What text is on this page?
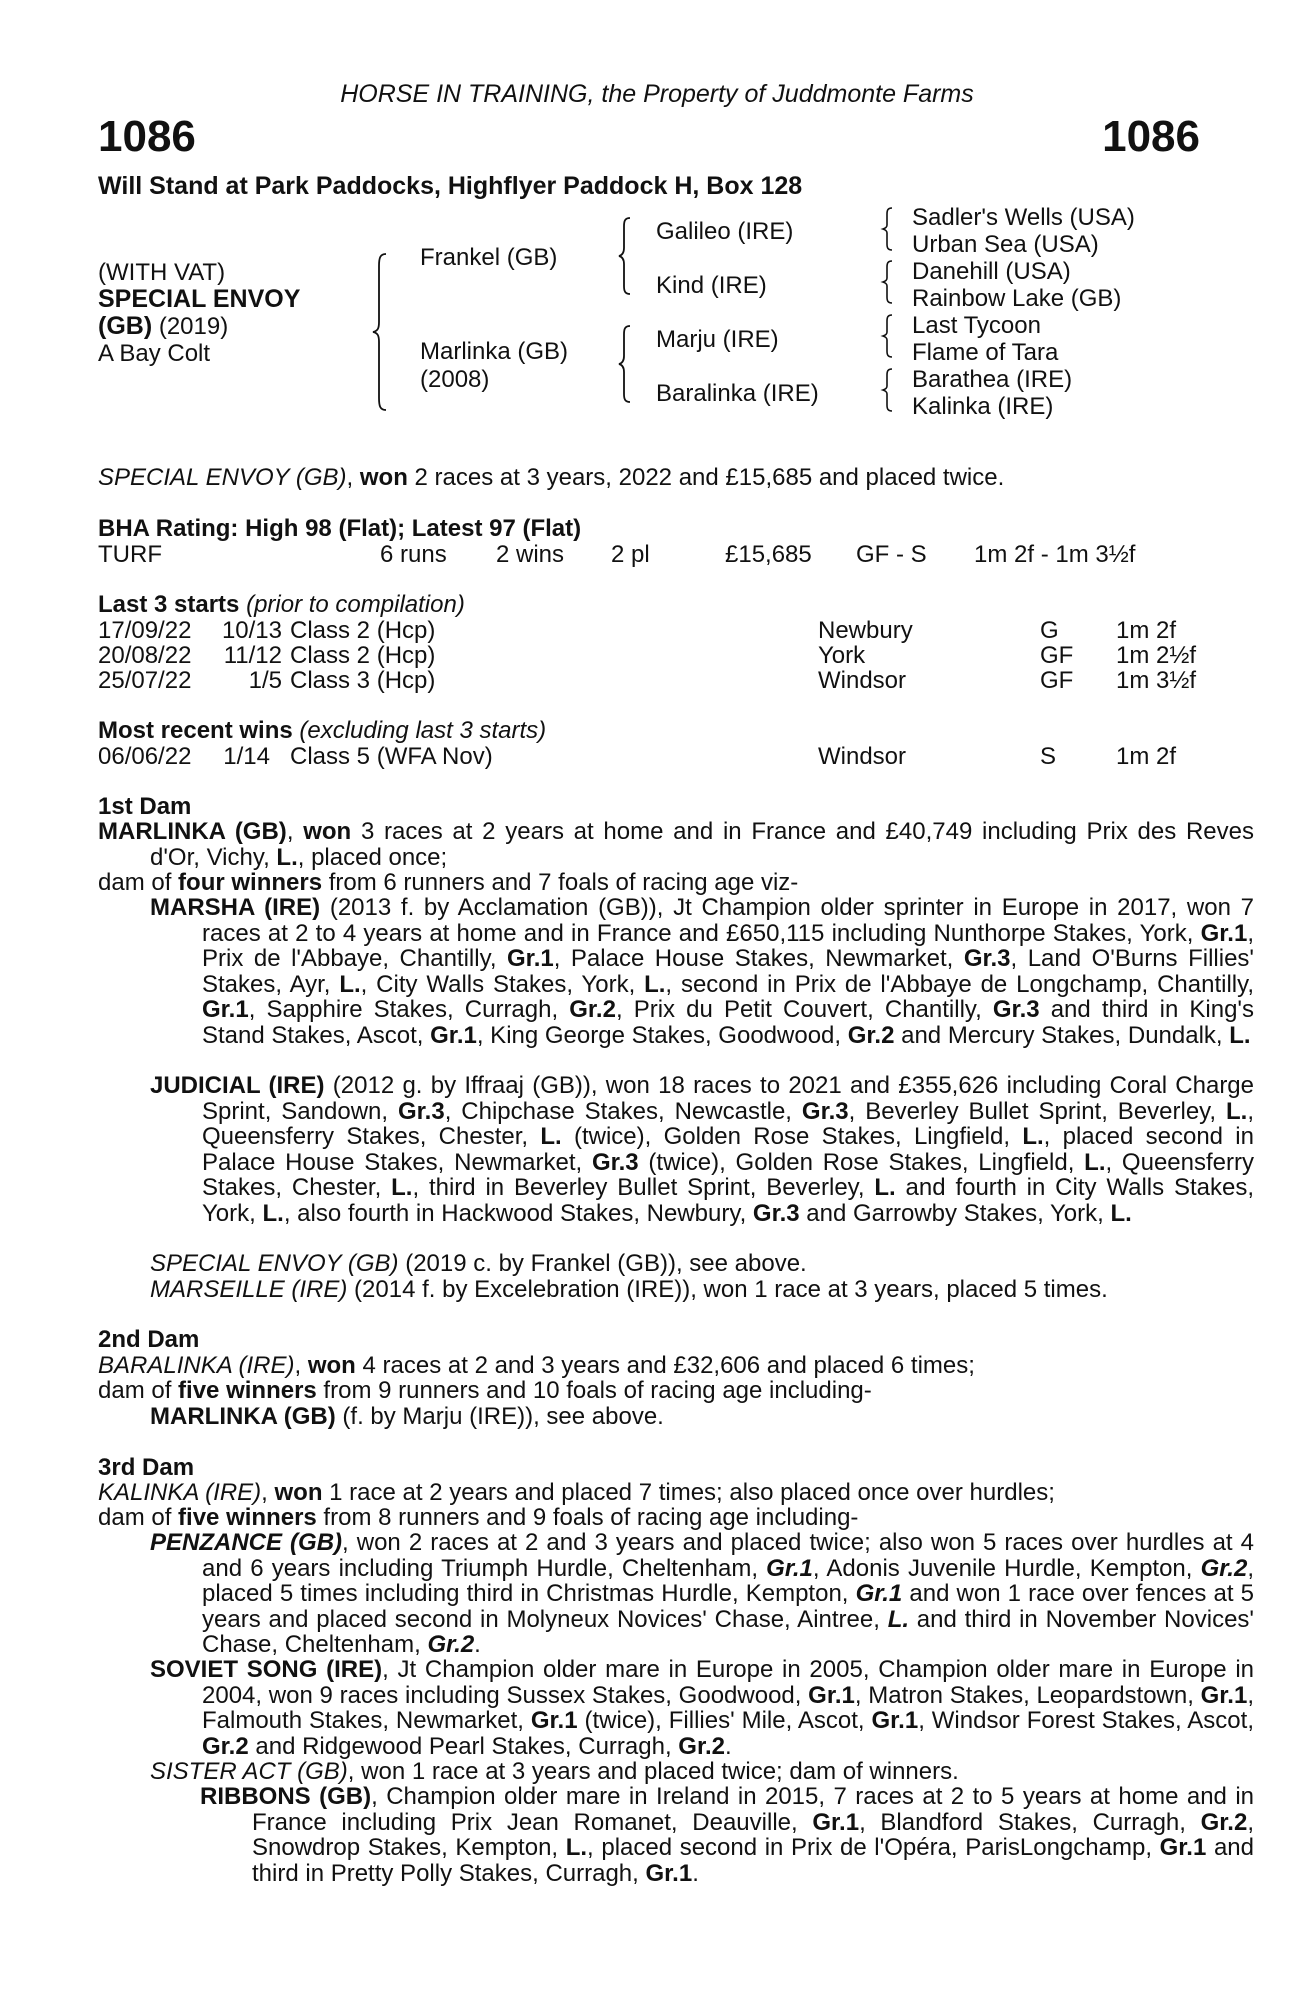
HORSE IN TRAINING, the Property of Juddmonte Farms
1086	1086
Will Stand at Park Paddocks, Highflyer Paddock H, Box 128
(WITH VAT)
SPECIAL ENVOY
(GB) (2019)
A Bay Colt
Frankel (GB)
Marlinka (GB)
(2008)
Galileo (IRE)
Kind (IRE)
Marju (IRE)
Baralinka (IRE)
Sadler's Wells (USA)
Urban Sea (USA)
Danehill (USA)
Rainbow Lake (GB)
Last Tycoon
Flame of Tara
Barathea (IRE)
Kalinka (IRE)
SPECIAL ENVOY (GB), won 2 races at 3 years, 2022 and £15,685 and placed twice.
BHA Rating: High 98 (Flat); Latest 97 (Flat)
TURF	6 runs 2 wins 2 pl	£15,685 GF - S 1m 2f - 1m 3½f
Last 3 starts (prior to compilation)
17/09/22 10/13 Class 2 (Hcp)	Newbury	G 1m 2f
20/08/22	11/12 Class 2 (Hcp)	York	GF 1m 2½f
25/07/22	1/5 Class 3 (Hcp)	Windsor	GF 1m 3½f
Most recent wins (excluding last 3 starts)
06/06/22	1/14 Class 5 (WFA Nov)	Windsor	S 1m 2f
1st Dam
MARLINKA (GB), won 3 races at 2 years at home and in France and £40,749 including Prix des Reves d'Or, Vichy, L., placed once;
dam of four winners from 6 runners and 7 foals of racing age viz-
MARSHA (IRE) (2013 f. by Acclamation (GB)), Jt Champion older sprinter in Europe in 2017, won 7 races at 2 to 4 years at home and in France and £650,115 including Nunthorpe Stakes, York, Gr.1, Prix de l'Abbaye, Chantilly, Gr.1, Palace House Stakes, Newmarket, Gr.3, Land O'Burns Fillies' Stakes, Ayr, L., City Walls Stakes, York, L., second in Prix de l'Abbaye de Longchamp, Chantilly, Gr.1, Sapphire Stakes, Curragh, Gr.2, Prix du Petit Couvert, Chantilly, Gr.3 and third in King's Stand Stakes, Ascot, Gr.1, King George Stakes, Goodwood, Gr.2 and Mercury Stakes, Dundalk, L.
JUDICIAL (IRE) (2012 g. by Iffraaj (GB)), won 18 races to 2021 and £355,626 including Coral Charge Sprint, Sandown, Gr.3, Chipchase Stakes, Newcastle, Gr.3, Beverley Bullet Sprint, Beverley, L., Queensferry Stakes, Chester, L. (twice), Golden Rose Stakes, Lingfield, L., placed second in Palace House Stakes, Newmarket, Gr.3 (twice), Golden Rose Stakes, Lingfield, L., Queensferry Stakes, Chester, L., third in Beverley Bullet Sprint, Beverley, L. and fourth in City Walls Stakes, York, L., also fourth in Hackwood Stakes, Newbury, Gr.3 and Garrowby Stakes, York, L.
SPECIAL ENVOY (GB) (2019 c. by Frankel (GB)), see above.
MARSEILLE (IRE) (2014 f. by Excelebration (IRE)), won 1 race at 3 years, placed 5 times.
2nd Dam
BARALINKA (IRE), won 4 races at 2 and 3 years and £32,606 and placed 6 times;
dam of five winners from 9 runners and 10 foals of racing age including-
MARLINKA (GB) (f. by Marju (IRE)), see above.
3rd Dam
KALINKA (IRE), won 1 race at 2 years and placed 7 times; also placed once over hurdles;
dam of five winners from 8 runners and 9 foals of racing age including-
PENZANCE (GB), won 2 races at 2 and 3 years and placed twice; also won 5 races over hurdles at 4 and 6 years including Triumph Hurdle, Cheltenham, Gr.1, Adonis Juvenile Hurdle, Kempton, Gr.2, placed 5 times including third in Christmas Hurdle, Kempton, Gr.1 and won 1 race over fences at 5 years and placed second in Molyneux Novices' Chase, Aintree, L. and third in November Novices' Chase, Cheltenham, Gr.2.
SOVIET SONG (IRE), Jt Champion older mare in Europe in 2005, Champion older mare in Europe in 2004, won 9 races including Sussex Stakes, Goodwood, Gr.1, Matron Stakes, Leopardstown, Gr.1, Falmouth Stakes, Newmarket, Gr.1 (twice), Fillies' Mile, Ascot, Gr.1, Windsor Forest Stakes, Ascot, Gr.2 and Ridgewood Pearl Stakes, Curragh, Gr.2.
SISTER ACT (GB), won 1 race at 3 years and placed twice; dam of winners.
RIBBONS (GB), Champion older mare in Ireland in 2015, 7 races at 2 to 5 years at home and in France including Prix Jean Romanet, Deauville, Gr.1, Blandford Stakes, Curragh, Gr.2, Snowdrop Stakes, Kempton, L., placed second in Prix de l'Opéra, ParisLongchamp, Gr.1 and third in Pretty Polly Stakes, Curragh, Gr.1.
